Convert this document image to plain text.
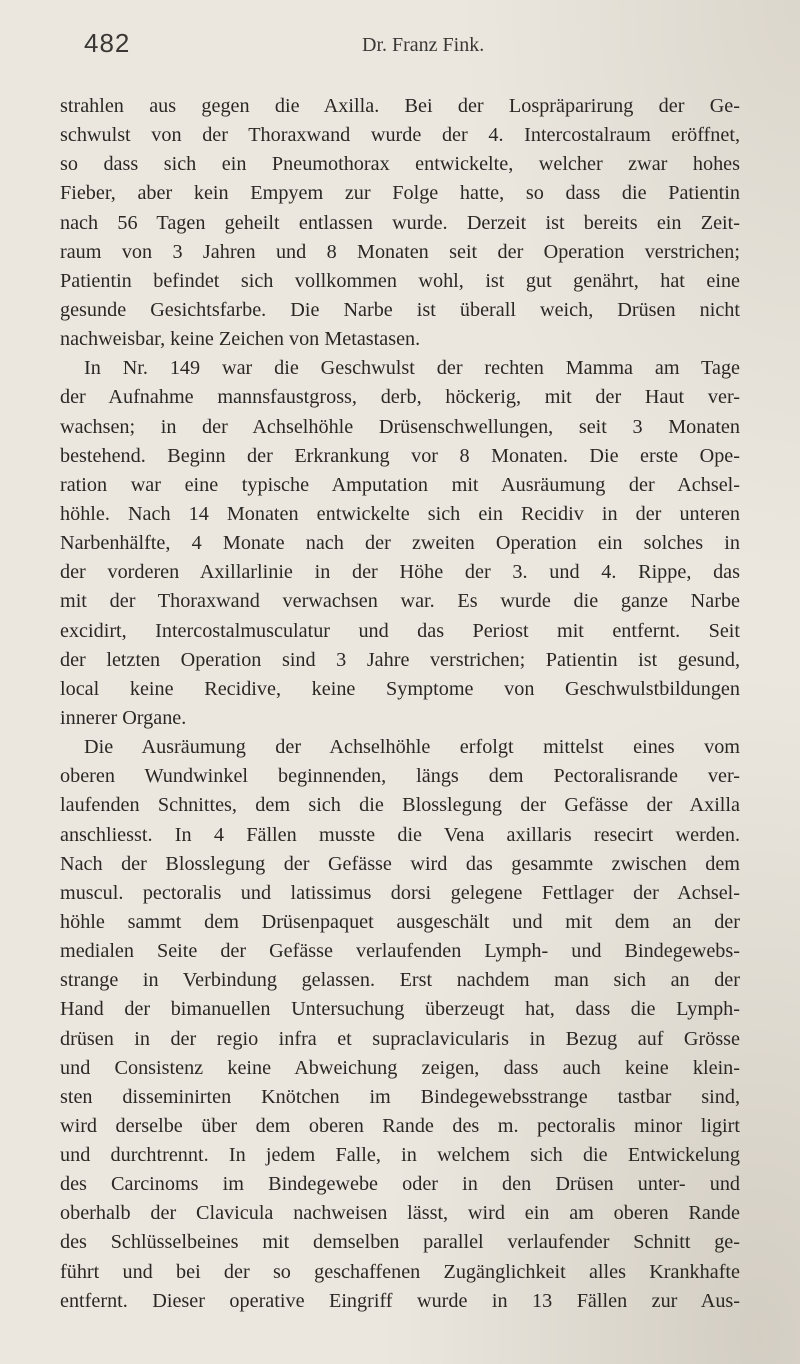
482	Dr. Franz Fink.
strahlen aus gegen die Axilla. Bei der Lospräparirung der Ge-
schwulst von der Thoraxwand wurde der 4. Intercostalraum eröffnet,
so dass sich ein Pneumothorax entwickelte, welcher zwar hohes
Fieber, aber kein Empyem zur Folge hatte, so dass die Patientin
nach 56 Tagen geheilt entlassen wurde. Derzeit ist bereits ein Zeit-
raum von 3 Jahren und 8 Monaten seit der Operation verstrichen;
Patientin befindet sich vollkommen wohl, ist gut genährt, hat eine
gesunde Gesichtsfarbe. Die Narbe ist überall weich, Drüsen nicht
nachweisbar, keine Zeichen von Metastasen.
In Nr. 149 war die Geschwulst der rechten Mamma am Tage
der Aufnahme mannsfaustgross, derb, höckerig, mit der Haut ver-
wachsen; in der Achselhöhle Drüsenschwellungen, seit 3 Monaten
bestehend. Beginn der Erkrankung vor 8 Monaten. Die erste Ope-
ration war eine typische Amputation mit Ausräumung der Achsel-
höhle. Nach 14 Monaten entwickelte sich ein Recidiv in der unteren
Narbenhälfte, 4 Monate nach der zweiten Operation ein solches in
der vorderen Axillarlinie in der Höhe der 3. und 4. Rippe, das
mit der Thoraxwand verwachsen war. Es wurde die ganze Narbe
excidirt, Intercostalmusculatur und das Periost mit entfernt. Seit
der letzten Operation sind 3 Jahre verstrichen; Patientin ist gesund,
local keine Recidive, keine Symptome von Geschwulstbildungen
innerer Organe.
Die Ausräumung der Achselhöhle erfolgt mittelst eines vom
oberen Wundwinkel beginnenden, längs dem Pectoralisrande ver-
laufenden Schnittes, dem sich die Blosslegung der Gefässe der Axilla
anschliesst. In 4 Fällen musste die Vena axillaris resecirt werden.
Nach der Blosslegung der Gefässe wird das gesammte zwischen dem
muscul. pectoralis und latissimus dorsi gelegene Fettlager der Achsel-
höhle sammt dem Drüsenpaquet ausgeschält und mit dem an der
medialen Seite der Gefässe verlaufenden Lymph- und Bindegewebs-
strange in Verbindung gelassen. Erst nachdem man sich an der
Hand der bimanuellen Untersuchung überzeugt hat, dass die Lymph-
drüsen in der regio infra et supraclavicularis in Bezug auf Grösse
und Consistenz keine Abweichung zeigen, dass auch keine klein-
sten disseminirten Knötchen im Bindegewebsstrange tastbar sind,
wird derselbe über dem oberen Rande des m. pectoralis minor ligirt
und durchtrennt. In jedem Falle, in welchem sich die Entwickelung
des Carcinoms im Bindegewebe oder in den Drüsen unter- und
oberhalb der Clavicula nachweisen lässt, wird ein am oberen Rande
des Schlüsselbeines mit demselben parallel verlaufender Schnitt ge-
führt und bei der so geschaffenen Zugänglichkeit alles Krankhafte
entfernt. Dieser operative Eingriff wurde in 13 Fällen zur Aus-
